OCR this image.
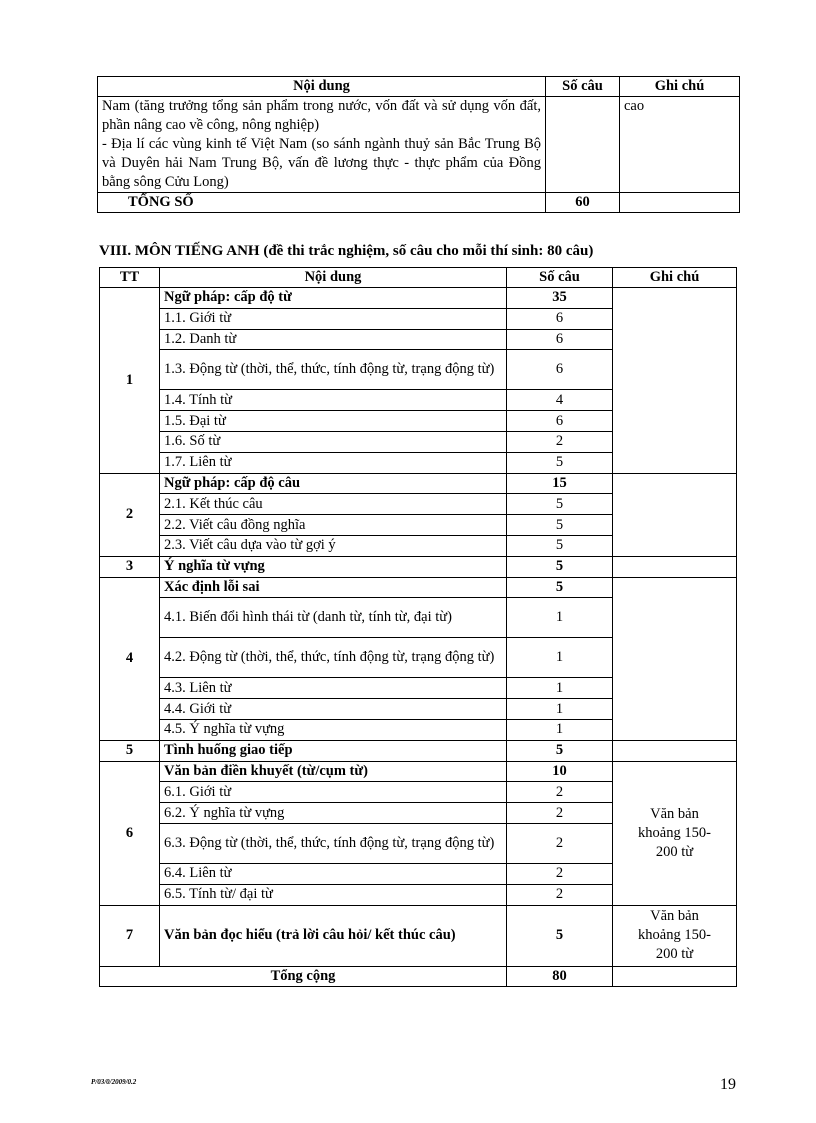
Nội dung	Số câu	Ghi chú

Nam (tăng trưởng tổng sản phẩm trong nước, vốn đất và sử dụng vốn đất, phần nâng cao về công, nông nghiệp)
- Địa lí các vùng kinh tế Việt Nam (so sánh ngành thuỷ sản Bắc Trung Bộ và Duyên hải Nam Trung Bộ, vấn đề lương thực - thực phẩm của Đồng bằng sông Cửu Long)		cao
TỔNG SỐ	60	
VIII. MÔN TIẾNG ANH (đề thi trắc nghiệm, số câu cho mỗi thí sinh: 80 câu)
TT	Nội dung	Số câu	Ghi chú
1	Ngữ pháp: cấp độ từ	35	
	1.1. Giới từ	6	
	1.2. Danh từ	6	
	1.3. Động từ (thời, thể, thức, tính động từ, trạng động từ)	6	
	1.4. Tính từ	4	
	1.5. Đại từ	6	
	1.6. Số từ	2	
	1.7. Liên từ	5	
2	Ngữ pháp: cấp độ câu	15	
	2.1. Kết thúc câu	5	
	2.2. Viết câu đồng nghĩa	5	
	2.3. Viết câu dựa vào từ gợi ý	5	
3	Ý nghĩa từ vựng	5	
4	Xác định lỗi sai	5	
	4.1. Biến đổi hình thái từ (danh từ, tính từ, đại từ)	1	
	4.2. Động từ (thời, thể, thức, tính động từ, trạng động từ)	1	
	4.3. Liên từ	1	
	4.4. Giới từ	1	
	4.5. Ý nghĩa từ vựng	1	
5	Tình huống giao tiếp	5	
6	Văn bản điền khuyết (từ/cụm từ)	10	Văn bản khoảng 150-200 từ
	6.1. Giới từ	2	
	6.2. Ý nghĩa từ vựng	2	
	6.3. Động từ (thời, thể, thức, tính động từ, trạng động từ)	2	
	6.4. Liên từ	2	
	6.5. Tính từ/ đại từ	2	
7	Văn bản đọc hiểu (trả lời câu hỏi/ kết thúc câu)	5	Văn bản khoảng 150-200 từ
Tổng cộng		80	
P/03/0/2009/0.2	19
